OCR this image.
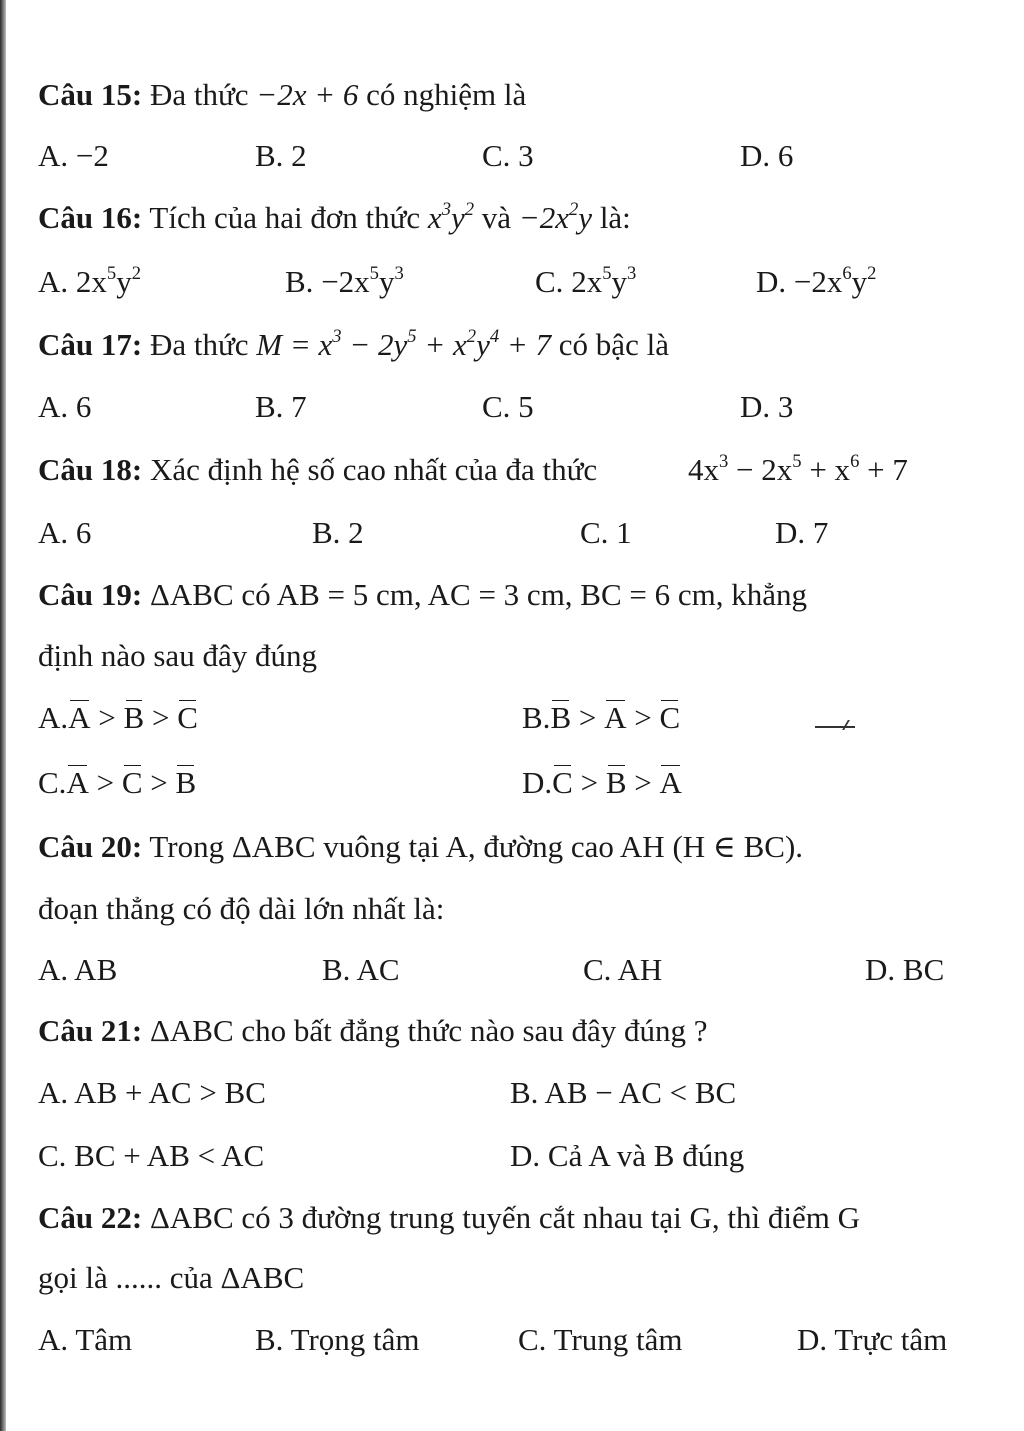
Câu 15: Đa thức −2x + 6 có nghiệm là
A. −2	B. 2	C. 3	D. 6
Câu 16: Tích của hai đơn thức $x^3y^2$ và $-2x^2y$ là:
A. $2x^5y^2$	B. $-2x^5y^3$	C. $2x^5y^3$	D. $-2x^6y^2$
Câu 17: Đa thức $M = x^3 - 2y^5 + x^2y^4 + 7$ có bậc là
A. 6	B. 7	C. 5	D. 3
Câu 18: Xác định hệ số cao nhất của đa thức	$4x^3 - 2x^5 + x^6 + 7$
A. 6	B. 2	C. 1	D. 7
Câu 19: ΔABC có AB = 5 cm, AC = 3 cm, BC = 6 cm, khẳng
định nào sau đây đúng
A.A > B > C	B.B > A > C
C.A > C > B	D.C > B > A
Câu 20: Trong ΔABC vuông tại A, đường cao AH (H ∈ BC).
đoạn thẳng có độ dài lớn nhất là:
A. AB	B. AC	C. AH	D. BC
Câu 21: ΔABC cho bất đẳng thức nào sau đây đúng ?
A. AB + AC > BC	B. AB − AC < BC
C. BC + AB < AC	D. Cả A và B đúng
Câu 22: ΔABC có 3 đường trung tuyến cắt nhau tại G, thì điểm G
gọi là ...... của ΔABC
A. Tâm	B. Trọng tâm	C. Trung tâm	D. Trực tâm
